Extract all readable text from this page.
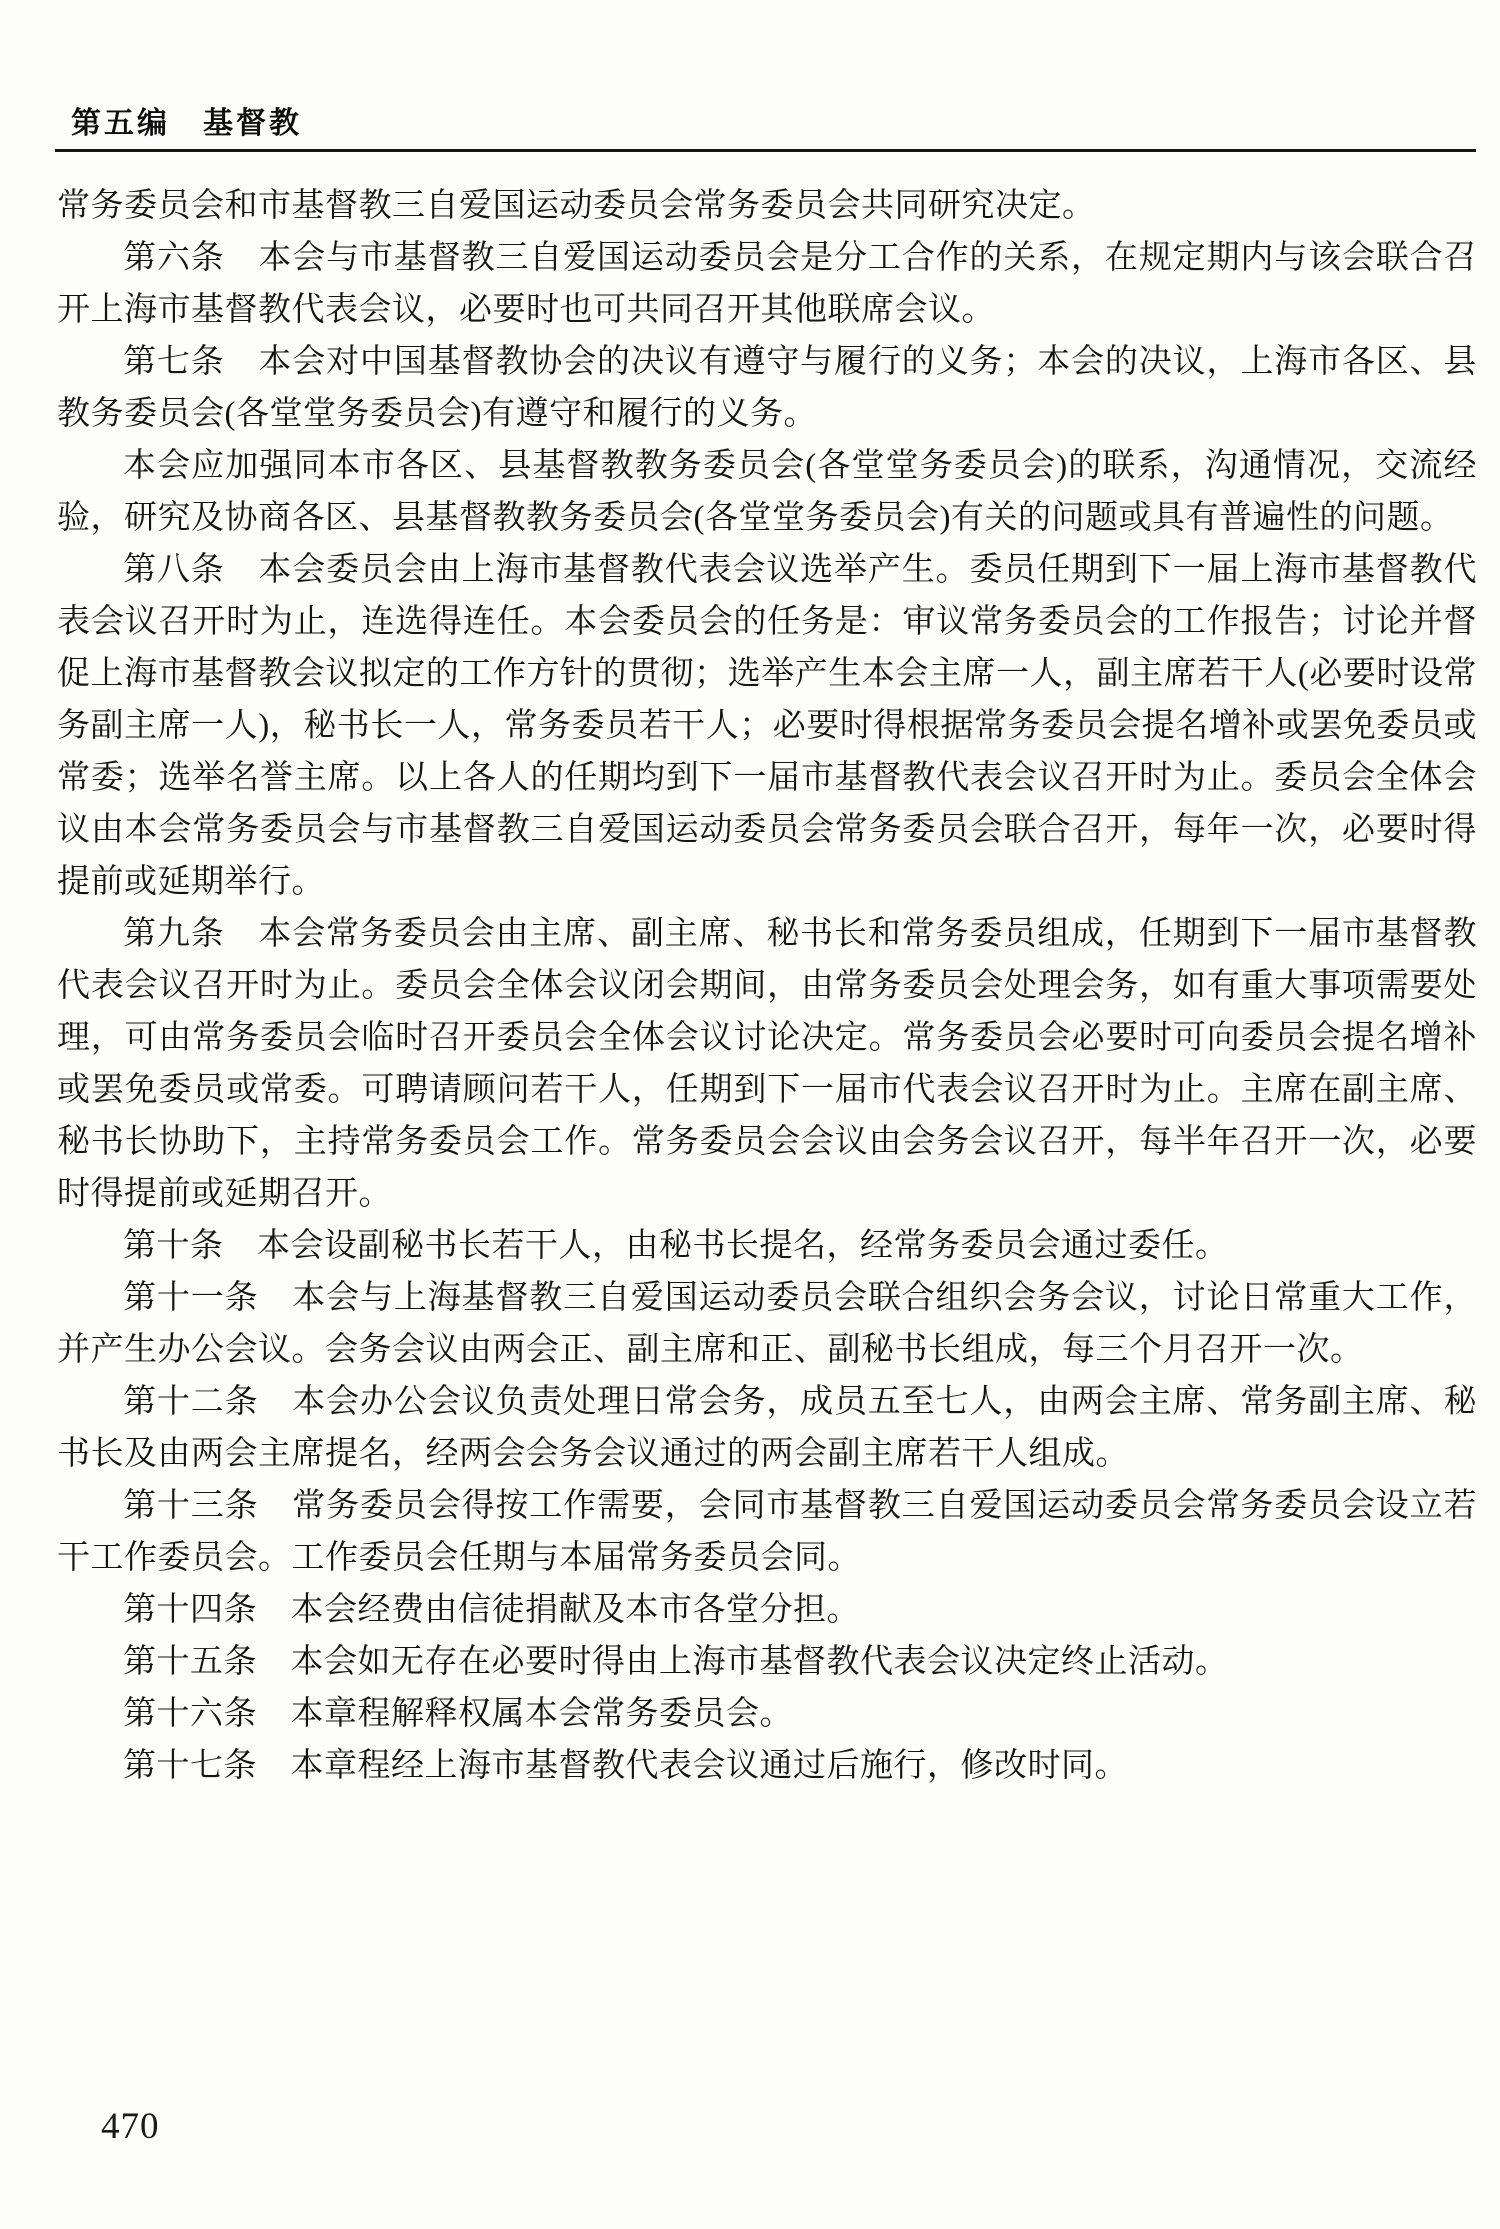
第五编　基督教

常务委员会和市基督教三自爱国运动委员会常务委员会共同研究决定。

第六条　本会与市基督教三自爱国运动委员会是分工合作的关系，在规定期内与该会联合召开上海市基督教代表会议，必要时也可共同召开其他联席会议。

第七条　本会对中国基督教协会的决议有遵守与履行的义务；本会的决议，上海市各区、县教务委员会(各堂堂务委员会)有遵守和履行的义务。

本会应加强同本市各区、县基督教教务委员会(各堂堂务委员会)的联系，沟通情况，交流经验，研究及协商各区、县基督教教务委员会(各堂堂务委员会)有关的问题或具有普遍性的问题。

第八条　本会委员会由上海市基督教代表会议选举产生。委员任期到下一届上海市基督教代表会议召开时为止，连选得连任。本会委员会的任务是：审议常务委员会的工作报告；讨论并督促上海市基督教会议拟定的工作方针的贯彻；选举产生本会主席一人，副主席若干人(必要时设常务副主席一人)，秘书长一人，常务委员若干人；必要时得根据常务委员会提名增补或罢免委员或常委；选举名誉主席。以上各人的任期均到下一届市基督教代表会议召开时为止。委员会全体会议由本会常务委员会与市基督教三自爱国运动委员会常务委员会联合召开，每年一次，必要时得提前或延期举行。

第九条　本会常务委员会由主席、副主席、秘书长和常务委员组成，任期到下一届市基督教代表会议召开时为止。委员会全体会议闭会期间，由常务委员会处理会务，如有重大事项需要处理，可由常务委员会临时召开委员会全体会议讨论决定。常务委员会必要时可向委员会提名增补或罢免委员或常委。可聘请顾问若干人，任期到下一届市代表会议召开时为止。主席在副主席、秘书长协助下，主持常务委员会工作。常务委员会会议由会务会议召开，每半年召开一次，必要时得提前或延期召开。

第十条　本会设副秘书长若干人，由秘书长提名，经常务委员会通过委任。

第十一条　本会与上海基督教三自爱国运动委员会联合组织会务会议，讨论日常重大工作，并产生办公会议。会务会议由两会正、副主席和正、副秘书长组成，每三个月召开一次。

第十二条　本会办公会议负责处理日常会务，成员五至七人，由两会主席、常务副主席、秘书长及由两会主席提名，经两会会务会议通过的两会副主席若干人组成。

第十三条　常务委员会得按工作需要，会同市基督教三自爱国运动委员会常务委员会设立若干工作委员会。工作委员会任期与本届常务委员会同。

第十四条　本会经费由信徒捐献及本市各堂分担。

第十五条　本会如无存在必要时得由上海市基督教代表会议决定终止活动。

第十六条　本章程解释权属本会常务委员会。

第十七条　本章程经上海市基督教代表会议通过后施行，修改时同。

470
